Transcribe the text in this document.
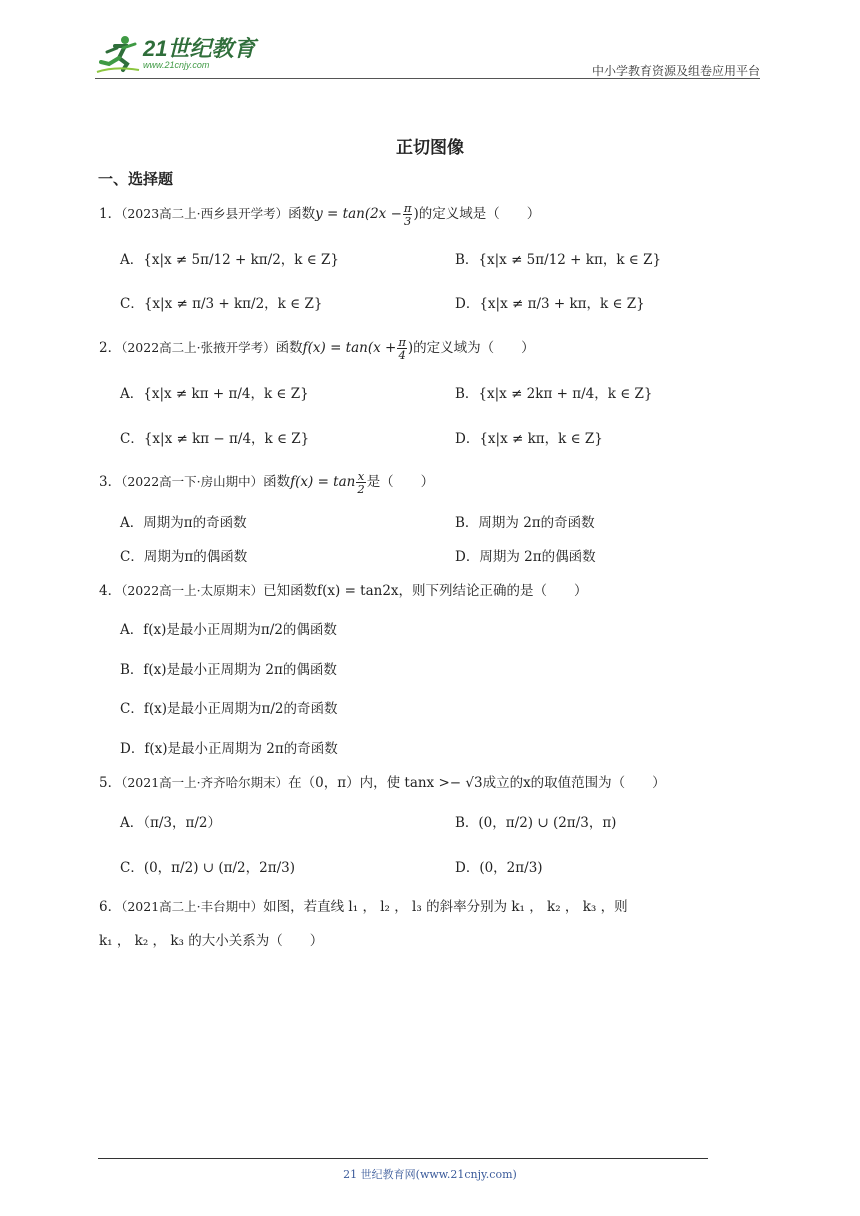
21世纪教育
www.21cnjy.com	中小学教育资源及组卷应用平台
正切图像
一、选择题
1．（2023高二上·西乡县开学考）函数$y = \tan(2x - \frac{\pi}{3}$ )的定义域是（　　）
A．{x|x ≠ 5π/12 + kπ/2，k ∈ Z}	B．{x|x ≠ 5π/12 + kπ，k ∈ Z}
C．{x|x ≠ π/3 + kπ/2，k ∈ Z}	D．{x|x ≠ π/3 + kπ，k ∈ Z}
2．（2022高二上·张掖开学考）函数$f(x) = \tan(x + \frac{\pi}{4}$ )的定义域为（　　）
A．{x|x ≠ kπ + π/4，k ∈ Z}	B．{x|x ≠ 2kπ + π/4，k ∈ Z}
C．{x|x ≠ kπ − π/4，k ∈ Z}	D．{x|x ≠ kπ，k ∈ Z}
3．（2022高一下·房山期中）函数$f(x) = \tan \frac{x}{2}$ 是（　　）
A．周期为π的奇函数	B．周期为 2π的奇函数
C．周期为π的偶函数	D．周期为 2π的偶函数
4．（2022高一上·太原期末）已知函数f(x) = tan2x，则下列结论正确的是（　　）
A．f(x)是最小正周期为π/2的偶函数
B．f(x)是最小正周期为 2π的偶函数
C．f(x)是最小正周期为π/2的奇函数
D．f(x)是最小正周期为 2π的奇函数
5．（2021高一上·齐齐哈尔期末）在（0，π）内，使 tanx >− √3成立的x的取值范围为（　　）
A．（π/3，π/2）	B．(0，π/2) ∪ (2π/3，π)
C．(0，π/2) ∪ (π/2，2π/3)	D．(0，2π/3)
6．（2021高二上·丰台期中）如图，若直线 l₁ ， l₂ ， l₃ 的斜率分别为 k₁ ， k₂ ， k₃ ，则
k₁ ， k₂ ， k₃ 的大小关系为（　　）
21 世纪教育网(www.21cnjy.com)
